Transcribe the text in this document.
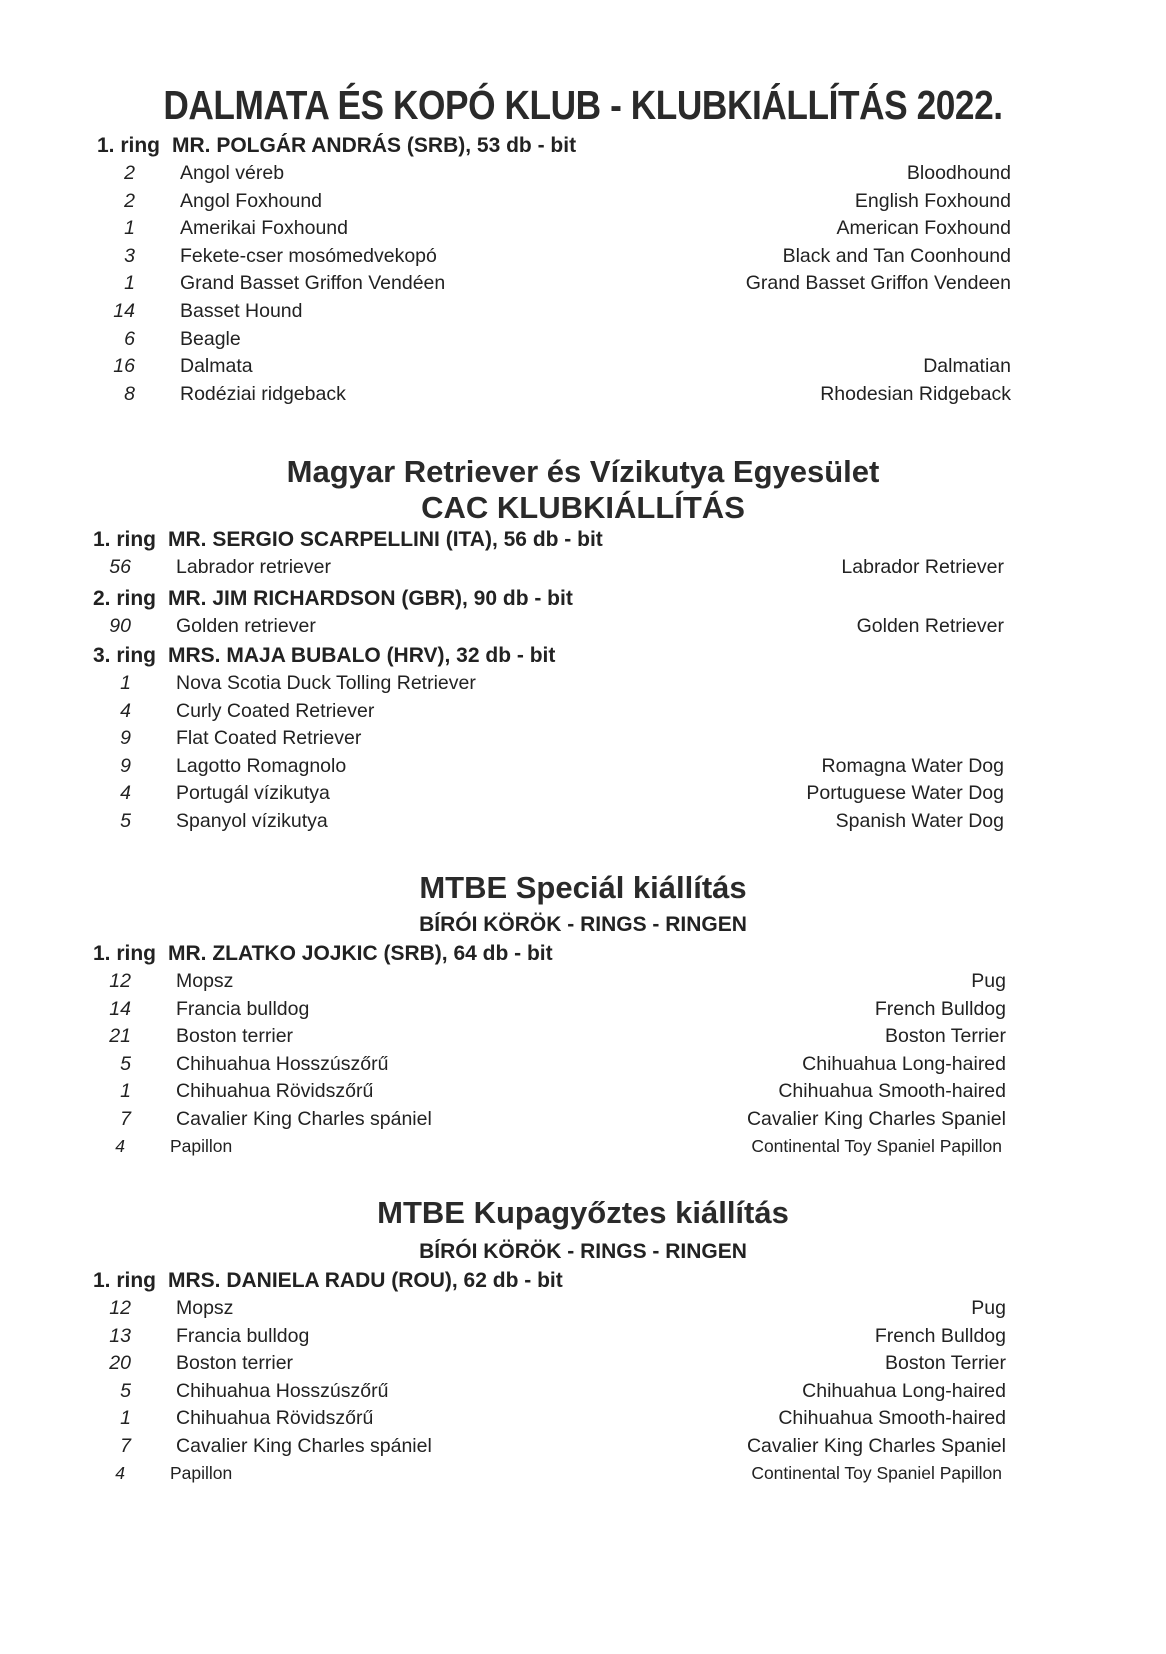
DALMATA ÉS KOPÓ KLUB - KLUBKIÁLLÍTÁS 2022.
1. ring MR. POLGÁR ANDRÁS (SRB), 53 db - bit
2 Angol véreb	Bloodhound
2 Angol Foxhound	English Foxhound
1 Amerikai Foxhound	American Foxhound
3 Fekete-cser mosómedvekopó	Black and Tan Coonhound
1 Grand Basset Griffon Vendéen	Grand Basset Griffon Vendeen
14 Basset Hound
6 Beagle
16 Dalmata	Dalmatian
8 Rodéziai ridgeback	Rhodesian Ridgeback
Magyar Retriever és Vízikutya Egyesület
CAC KLUBKIÁLLÍTÁS
1. ring MR. SERGIO SCARPELLINI (ITA), 56 db - bit
56 Labrador retriever	Labrador Retriever
2. ring MR. JIM RICHARDSON (GBR), 90 db - bit
90 Golden retriever	Golden Retriever
3. ring MRS. MAJA BUBALO (HRV), 32 db - bit
1 Nova Scotia Duck Tolling Retriever
4 Curly Coated Retriever
9 Flat Coated Retriever
9 Lagotto Romagnolo	Romagna Water Dog
4 Portugál vízikutya	Portuguese Water Dog
5 Spanyol vízikutya	Spanish Water Dog
MTBE Speciál kiállítás
BÍRÓI KÖRÖK - RINGS - RINGEN
1. ring MR. ZLATKO JOJKIC (SRB), 64 db - bit
12 Mopsz	Pug
14 Francia bulldog	French Bulldog
21 Boston terrier	Boston Terrier
5 Chihuahua Hosszúszőrű	Chihuahua Long-haired
1 Chihuahua Rövidszőrű	Chihuahua Smooth-haired
7 Cavalier King Charles spániel	Cavalier King Charles Spaniel
4	Papillon	Continental Toy Spaniel Papillon
MTBE Kupagyőztes kiállítás
BÍRÓI KÖRÖK - RINGS - RINGEN
1. ring MRS. DANIELA RADU (ROU), 62 db - bit
12 Mopsz	Pug
13 Francia bulldog	French Bulldog
20 Boston terrier	Boston Terrier
5 Chihuahua Hosszúszőrű	Chihuahua Long-haired
1 Chihuahua Rövidszőrű	Chihuahua Smooth-haired
7 Cavalier King Charles spániel	Cavalier King Charles Spaniel
4	Papillon	Continental Toy Spaniel Papillon
